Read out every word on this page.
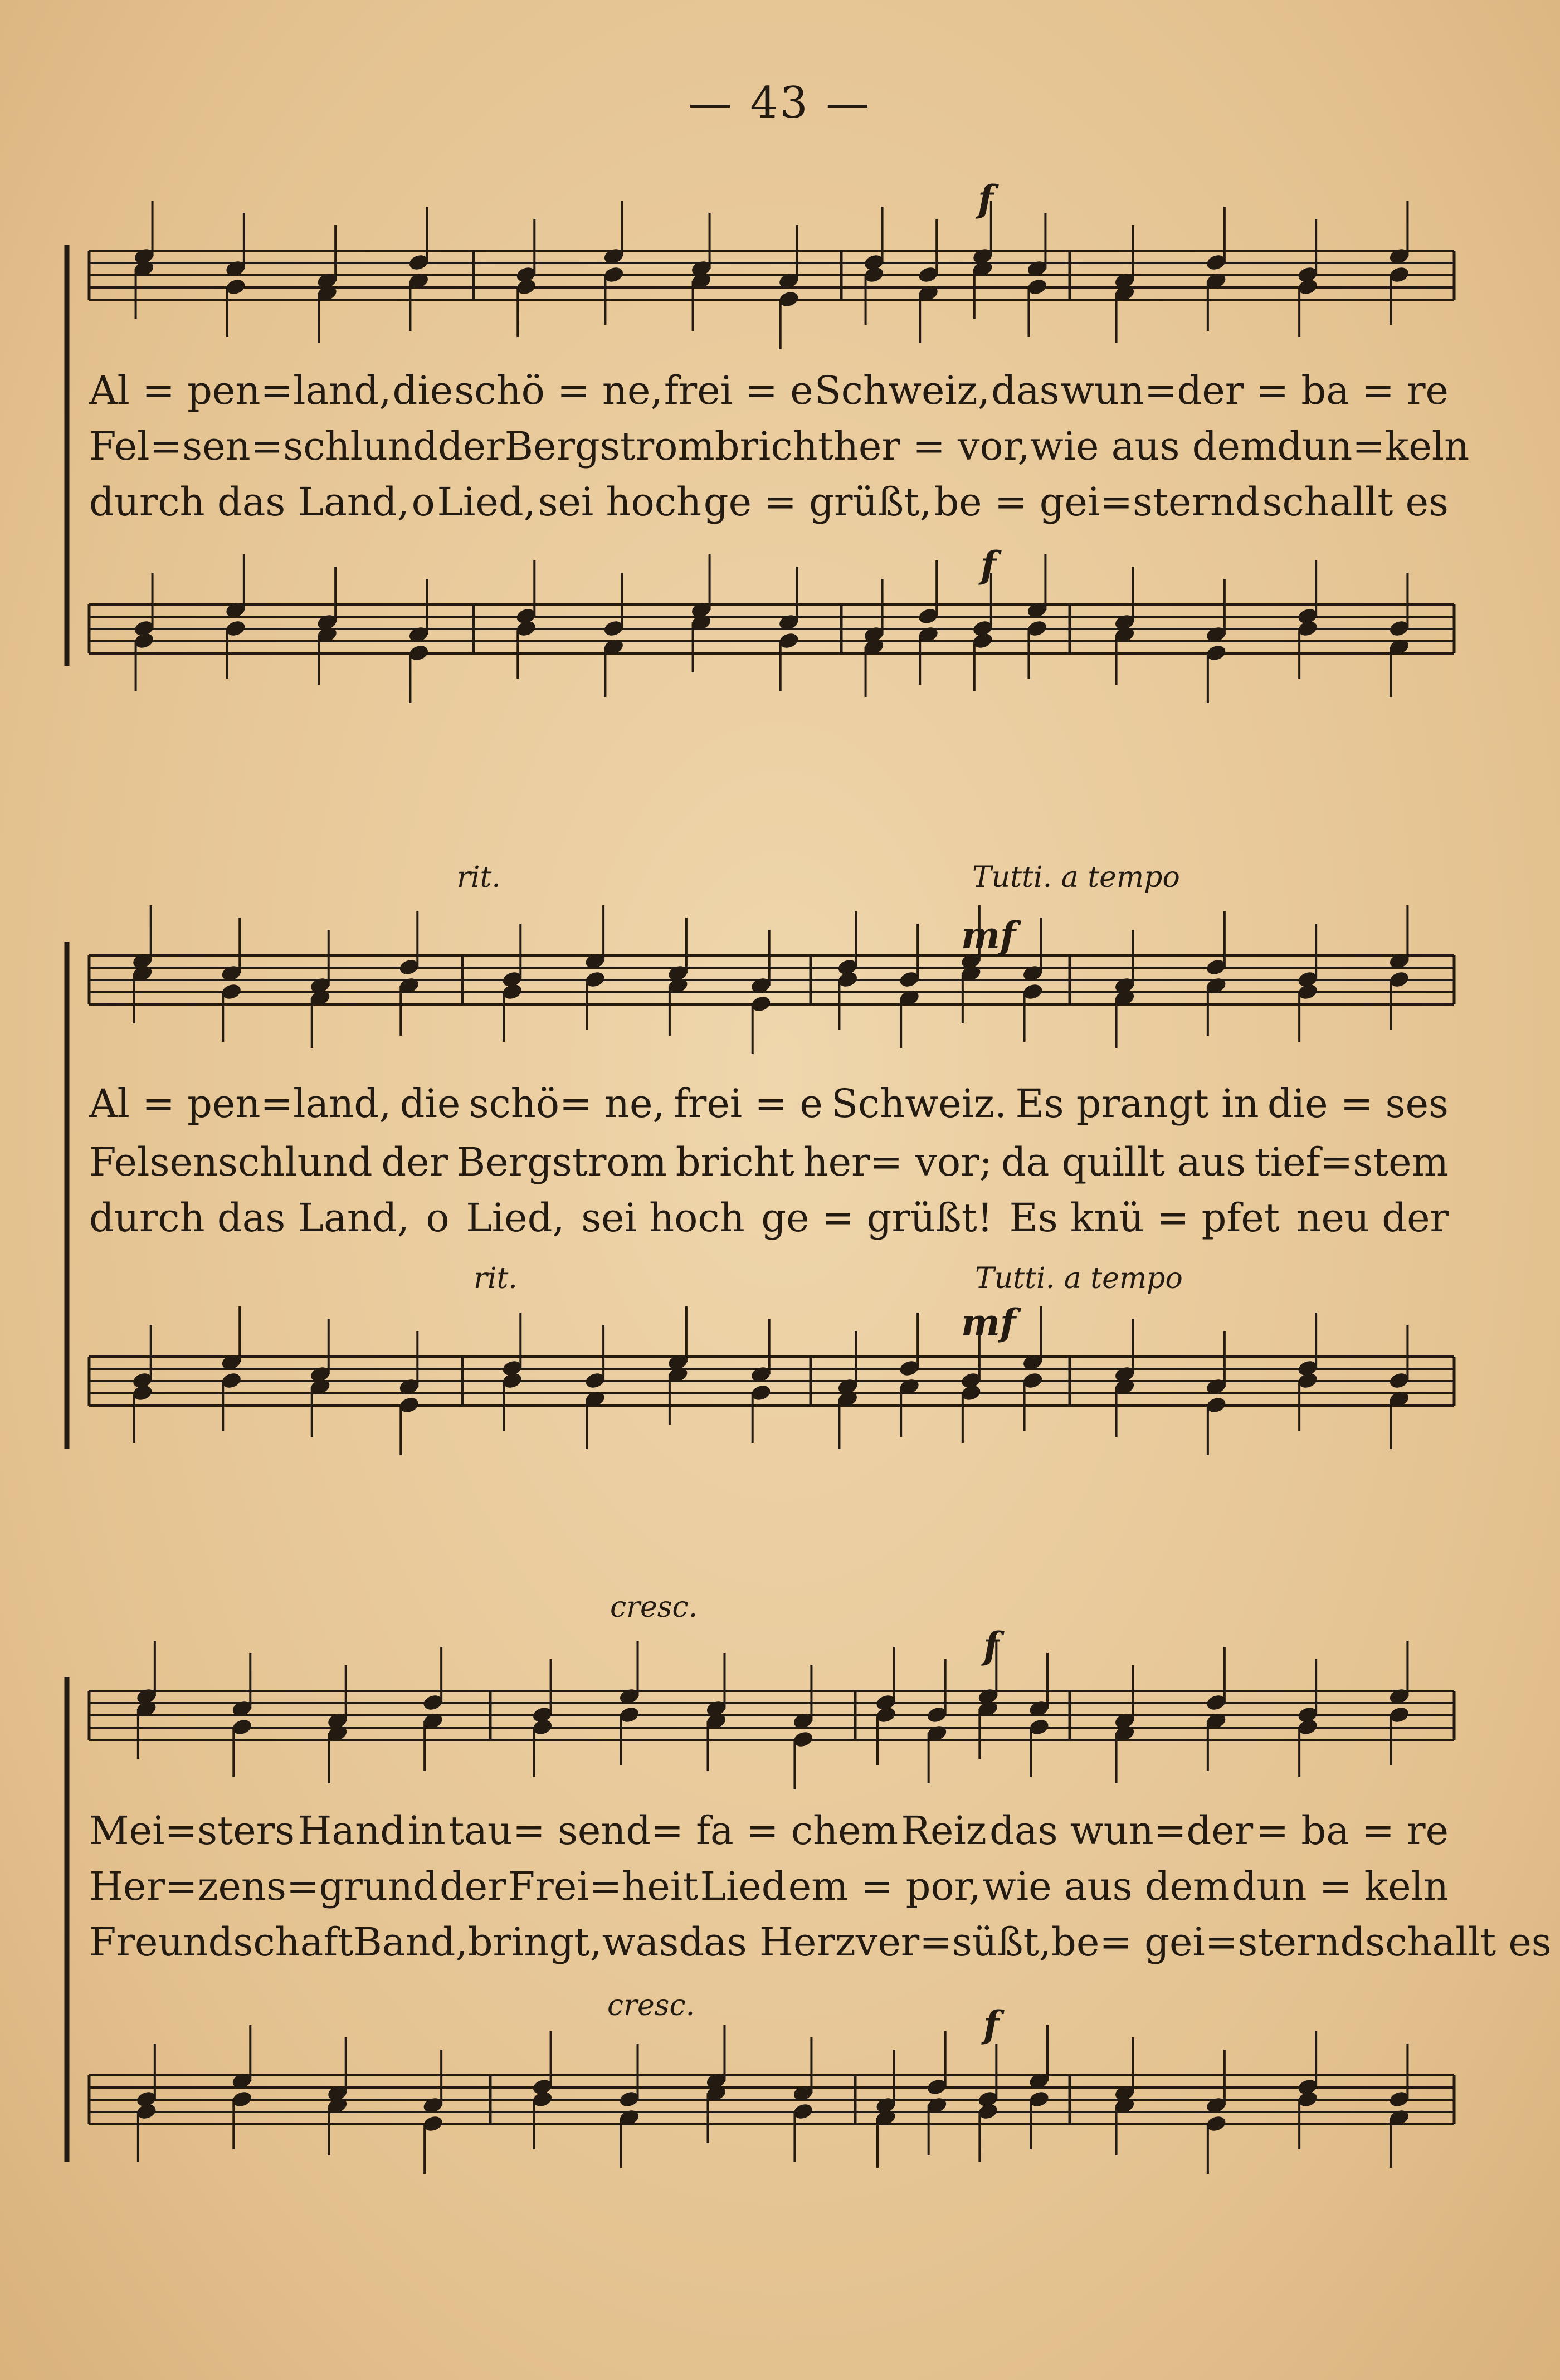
— 43 —
f
Al = pen=land, die schö = ne, frei = e Schweiz, das wun=der = ba = re
Fel=sen=schlund der Bergstrom bricht her = vor, wie aus dem dun=keln
durch das Land, o Lied, sei hoch ge = grüßt, be = gei=sternd schallt es
f
rit.	Tutti. a tempo
mf
Al = pen=land, die schö= ne, frei = e Schweiz. Es prangt in die = ses
Felsenschlund der Bergstrom bricht her= vor; da quillt aus tief=stem
durch das Land, o Lied, sei hoch ge = grüßt! Es knü = pfet neu der
rit.	Tutti. a tempo
mf
cresc.
f
Mei=sters Hand in tau= send= fa = chem Reiz das wun=der = ba = re
Her=zens=grund der Frei=heit Lied em = por, wie aus dem dun = keln
FreundschaftBand, bringt, was das Herz ver=süßt, be= gei=sternd schallt es
cresc.	f
